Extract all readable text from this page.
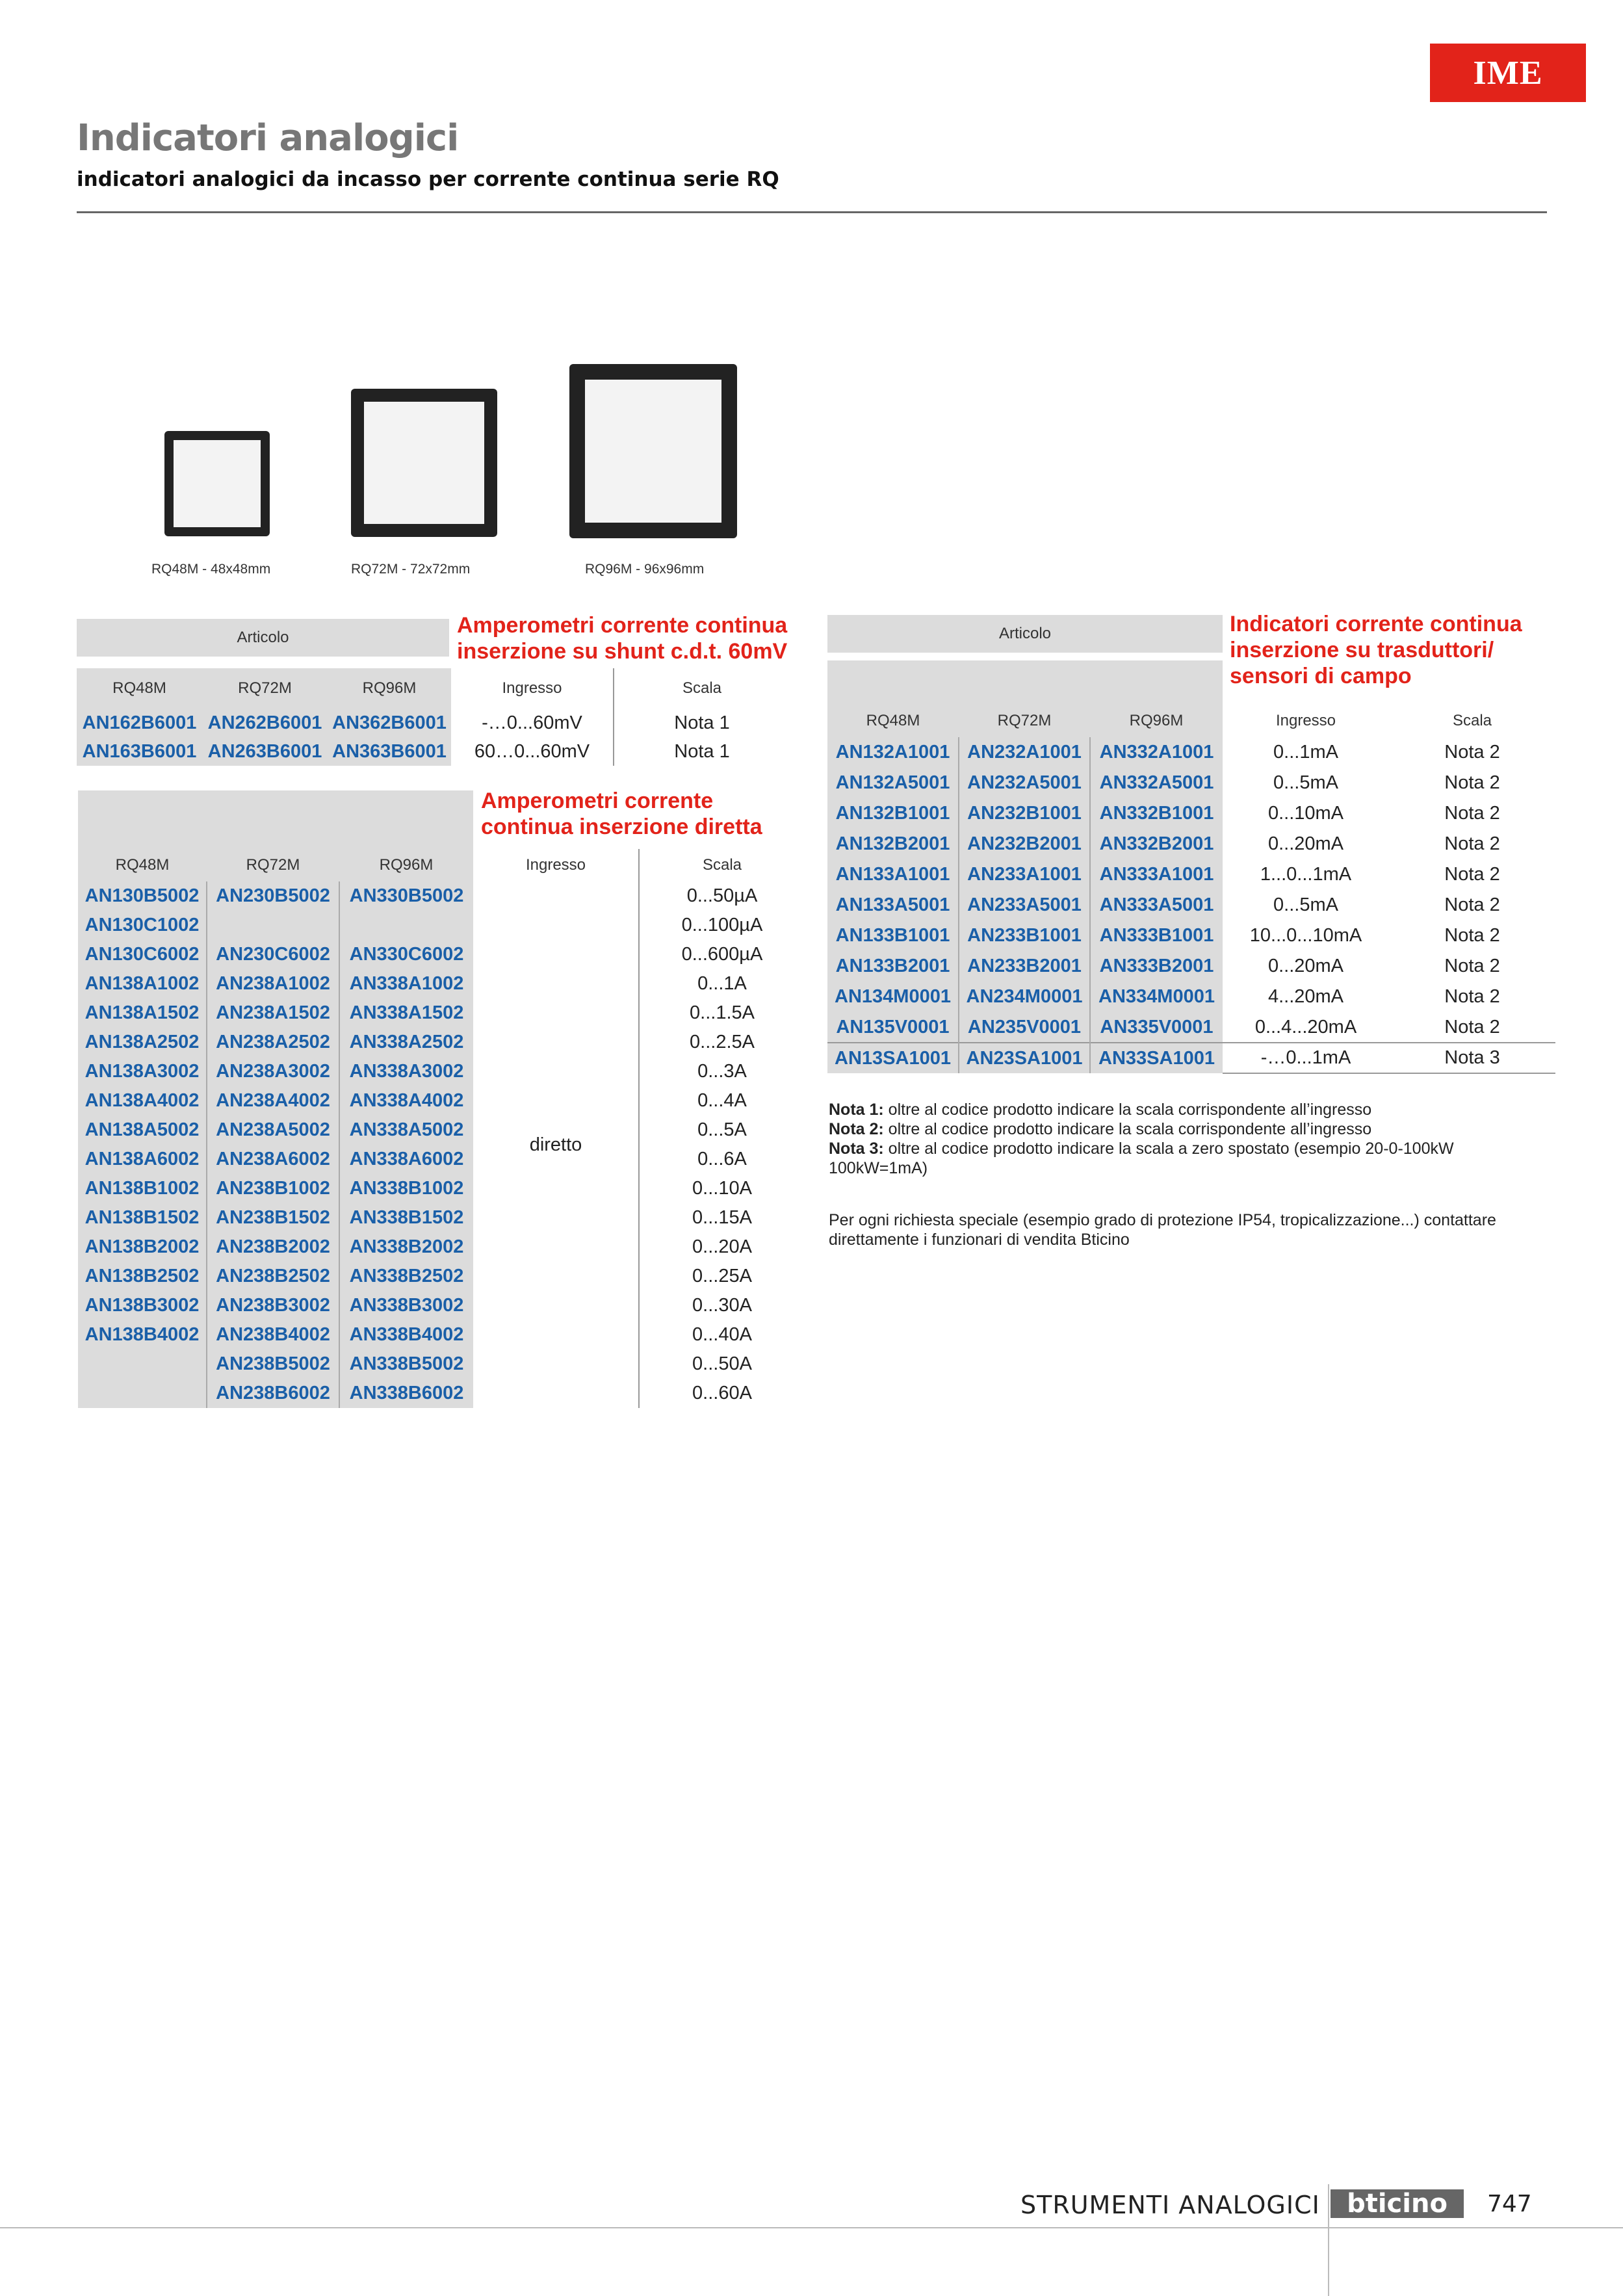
IME
Indicatori analogici
indicatori analogici da incasso per corrente continua serie RQ
RQ48M - 48x48mm	RQ72M - 72x72mm	RQ96M - 96x96mm
Amperometri corrente continua
inserzione su shunt c.d.t. 60mV
Articolo
RQ48M	RQ72M	RQ96M	Ingresso	Scala
AN162B6001	AN262B6001	AN362B6001	-…0...60mV	Nota 1
AN163B6001	AN263B6001	AN363B6001	60…0...60mV	Nota 1
Amperometri corrente
continua inserzione diretta
RQ48M	RQ72M	RQ96M	Ingresso	Scala
AN130B5002	AN230B5002	AN330B5002	diretto	0...50µA
AN130C1002				0...100µA
AN130C6002	AN230C6002	AN330C6002		0...600µA
AN138A1002	AN238A1002	AN338A1002		0...1A
AN138A1502	AN238A1502	AN338A1502		0...1.5A
AN138A2502	AN238A2502	AN338A2502		0...2.5A
AN138A3002	AN238A3002	AN338A3002		0...3A
AN138A4002	AN238A4002	AN338A4002		0...4A
AN138A5002	AN238A5002	AN338A5002		0...5A
AN138A6002	AN238A6002	AN338A6002		0...6A
AN138B1002	AN238B1002	AN338B1002		0...10A
AN138B1502	AN238B1502	AN338B1502		0...15A
AN138B2002	AN238B2002	AN338B2002		0...20A
AN138B2502	AN238B2502	AN338B2502		0...25A
AN138B3002	AN238B3002	AN338B3002		0...30A
AN138B4002	AN238B4002	AN338B4002		0...40A
	AN238B5002	AN338B5002		0...50A
	AN238B6002	AN338B6002		0...60A
Indicatori corrente continua
inserzione su trasduttori/
sensori di campo
Articolo
RQ48M	RQ72M	RQ96M	Ingresso	Scala
AN132A1001	AN232A1001	AN332A1001	0...1mA	Nota 2
AN132A5001	AN232A5001	AN332A5001	0...5mA	Nota 2
AN132B1001	AN232B1001	AN332B1001	0...10mA	Nota 2
AN132B2001	AN232B2001	AN332B2001	0...20mA	Nota 2
AN133A1001	AN233A1001	AN333A1001	1...0...1mA	Nota 2
AN133A5001	AN233A5001	AN333A5001	0...5mA	Nota 2
AN133B1001	AN233B1001	AN333B1001	10...0...10mA	Nota 2
AN133B2001	AN233B2001	AN333B2001	0...20mA	Nota 2
AN134M0001	AN234M0001	AN334M0001	4...20mA	Nota 2
AN135V0001	AN235V0001	AN335V0001	0...4...20mA	Nota 2
AN13SA1001	AN23SA1001	AN33SA1001	-…0...1mA	Nota 3
Nota 1: oltre al codice prodotto indicare la scala corrispondente all’ingresso
Nota 2: oltre al codice prodotto indicare la scala corrispondente all’ingresso
Nota 3: oltre al codice prodotto indicare la scala a zero spostato (esempio 20-0-100kW 100kW=1mA)
Per ogni richiesta speciale (esempio grado di protezione IP54, tropicalizzazione...) contattare direttamente i funzionari di vendita Bticino
STRUMENTI ANALOGICI	bticino	747
